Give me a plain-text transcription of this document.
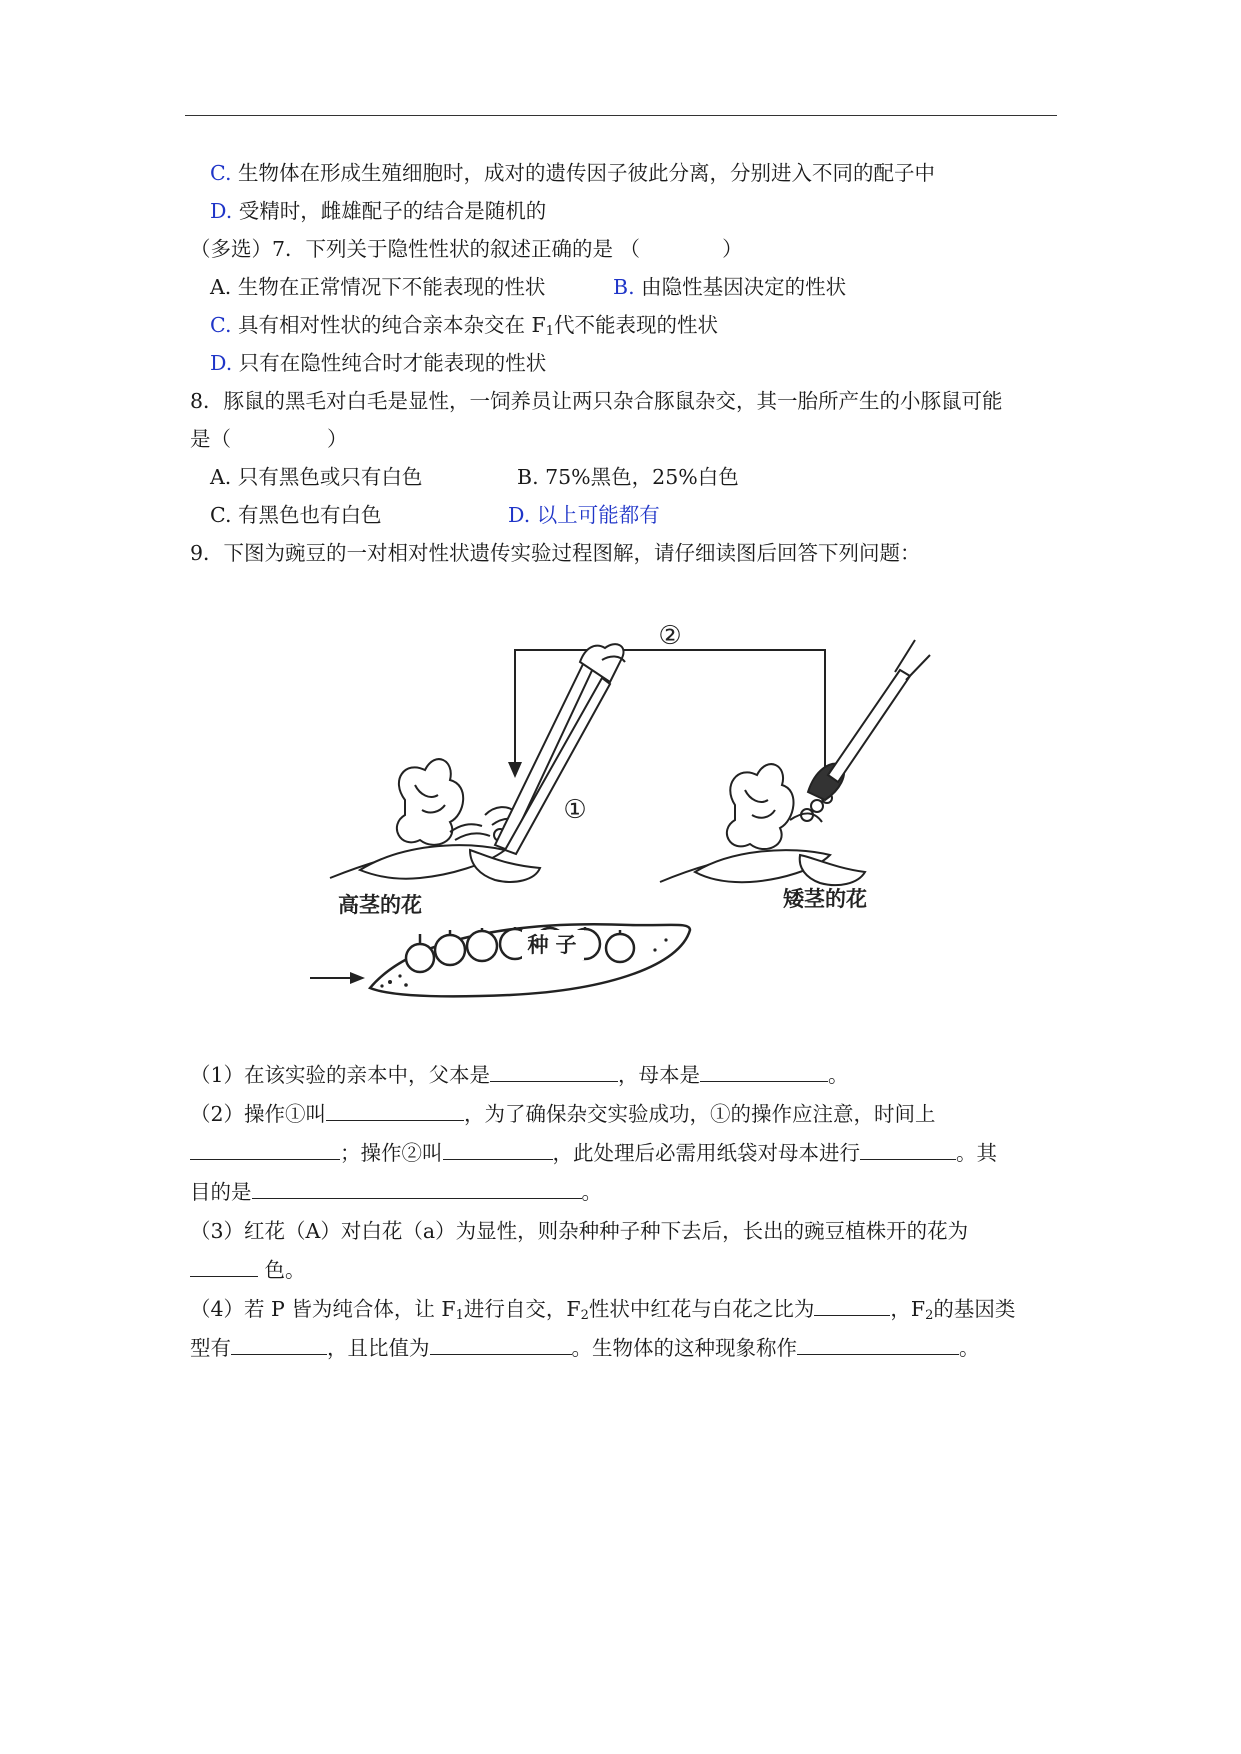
C. 生物体在形成生殖细胞时，成对的遗传因子彼此分离，分别进入不同的配子中
D. 受精时，雌雄配子的结合是随机的
（多选）7．下列关于隐性性状的叙述正确的是 （	）
A. 生物在正常情况下不能表现的性状	B. 由隐性基因决定的性状
C. 具有相对性状的纯合亲本杂交在 $F_1$代不能表现的性状
D. 只有在隐性纯合时才能表现的性状
8．豚鼠的黑毛对白毛是显性，一饲养员让两只杂合豚鼠杂交，其一胎所产生的小豚鼠可能
是（	）
A. 只有黑色或只有白色	B. 75%黑色，25%白色
C. 有黑色也有白色	D. 以上可能都有
9．下图为豌豆的一对相对性状遗传实验过程图解，请仔细读图后回答下列问题：
②
①
高茎的花	矮茎的花
种 子
（1）在该实验的亲本中，父本是	，母本是	。
（2）操作①叫	，为了确保杂交实验成功，①的操作应注意，时间上
；操作②叫	，此处理后必需用纸袋对母本进行	。其
目的是	。
（3）红花（A）对白花（a）为显性，则杂种种子种下去后，长出的豌豆植株开的花为
色。
（4）若 P 皆为纯合体，让 $F_1$进行自交，$F_2$性状中红花与白花之比为	，$F_2$的基因类
型有	，且比值为	。生物体的这种现象称作	。
